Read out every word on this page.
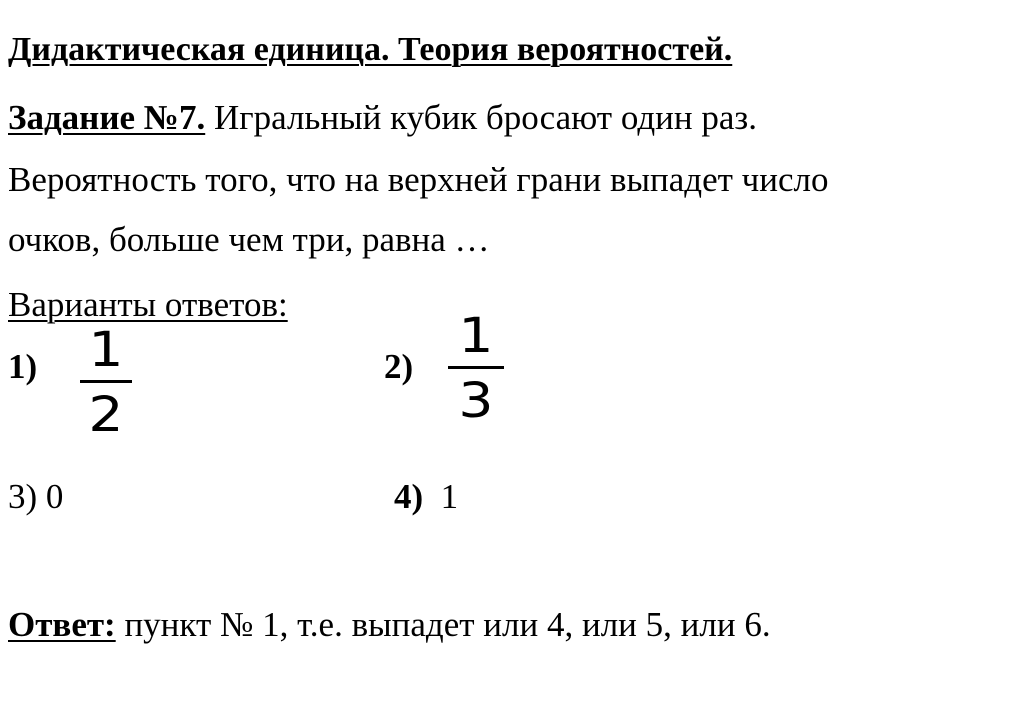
Дидактическая единица. Теория вероятностей.
Задание №7. Игральный кубик бросают один раз.
Вероятность того, что на верхней грани выпадет число
очков, больше чем три, равна …
Варианты ответов:
1) 1
2
2)
1
3
3) 0	4) 1
Ответ: пункт № 1, т.е. выпадет или 4, или 5, или 6.
